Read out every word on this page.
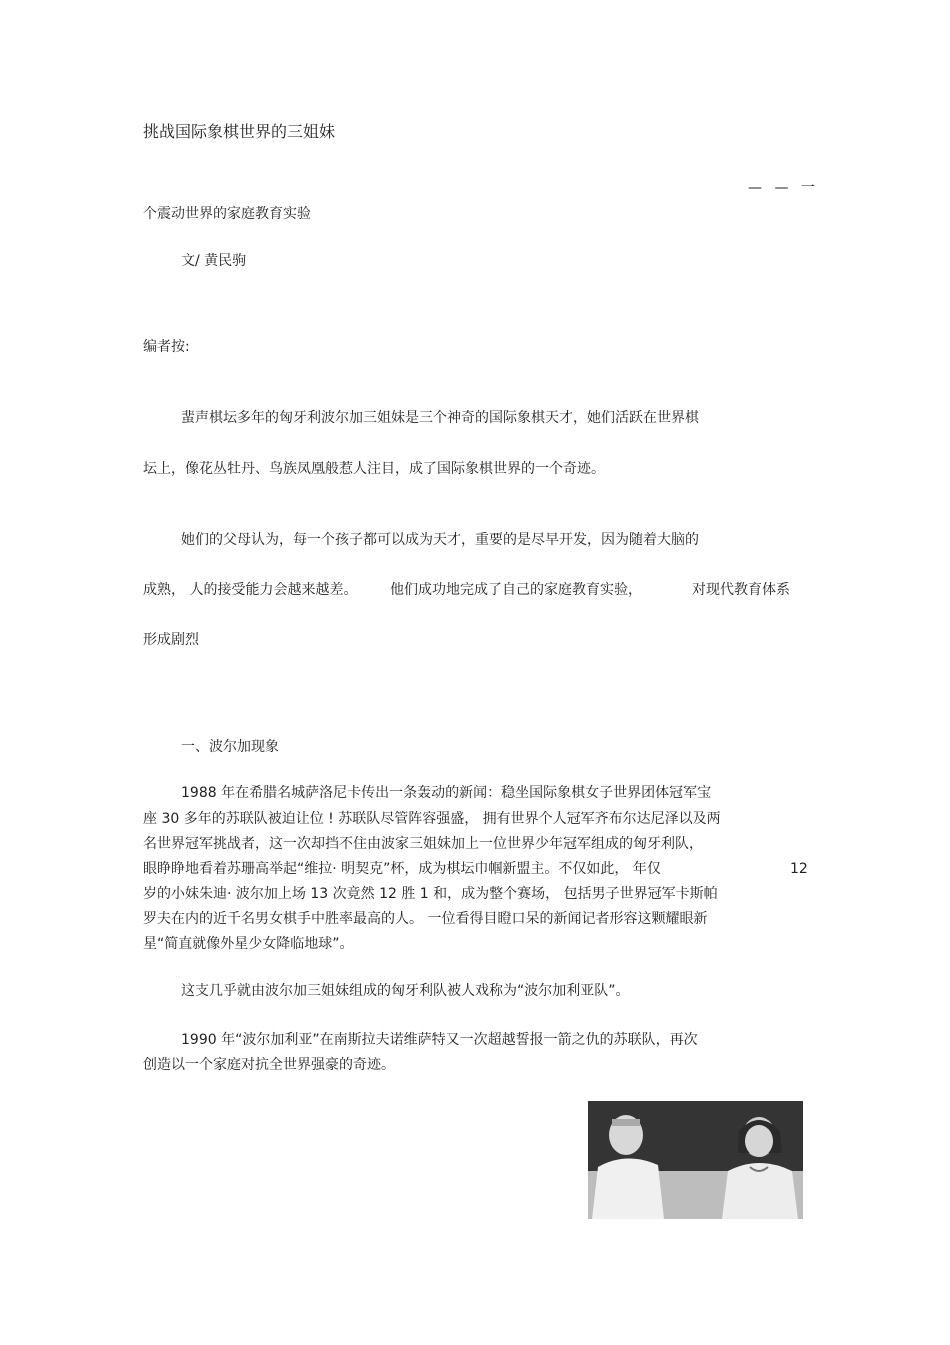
挑战国际象棋世界的三姐妹
— — 一
个震动世界的家庭教育实验
文/ 黄民驹
编者按:
蜚声棋坛多年的匈牙利波尔加三姐妹是三个神奇的国际象棋天才，她们活跃在世界棋
坛上，像花丛牡丹、鸟族凤凰般惹人注目，成了国际象棋世界的一个奇迹。
她们的父母认为，每一个孩子都可以成为天才，重要的是尽早开发，因为随着大脑的
成熟， 人的接受能力会越来越差。 他们成功地完成了自己的家庭教育实验，	对现代教育体系
形成剧烈
一、波尔加现象
1988 年在希腊名城萨洛尼卡传出一条轰动的新闻：稳坐国际象棋女子世界团体冠军宝
座 30 多年的苏联队被迫让位 ! 苏联队尽管阵容强盛， 拥有世界个人冠军齐布尔达尼泽以及两
名世界冠军挑战者，这一次却挡不住由波家三姐妹加上一位世界少年冠军组成的匈牙利队，
眼睁睁地看着苏珊高举起“维拉· 明契克”杯，成为棋坛巾帼新盟主。不仅如此， 年仅	12
岁的小妹朱迪· 波尔加上场 13 次竟然 12 胜 1 和，成为整个赛场， 包括男子世界冠军卡斯帕
罗夫在内的近千名男女棋手中胜率最高的人。 一位看得目瞪口呆的新闻记者形容这颗耀眼新
星“简直就像外星少女降临地球”。
这支几乎就由波尔加三姐妹组成的匈牙利队被人戏称为“波尔加利亚队”。
1990 年“波尔加利亚”在南斯拉夫诺维萨特又一次超越誓报一箭之仇的苏联队，再次
创造以一个家庭对抗全世界强豪的奇迹。
